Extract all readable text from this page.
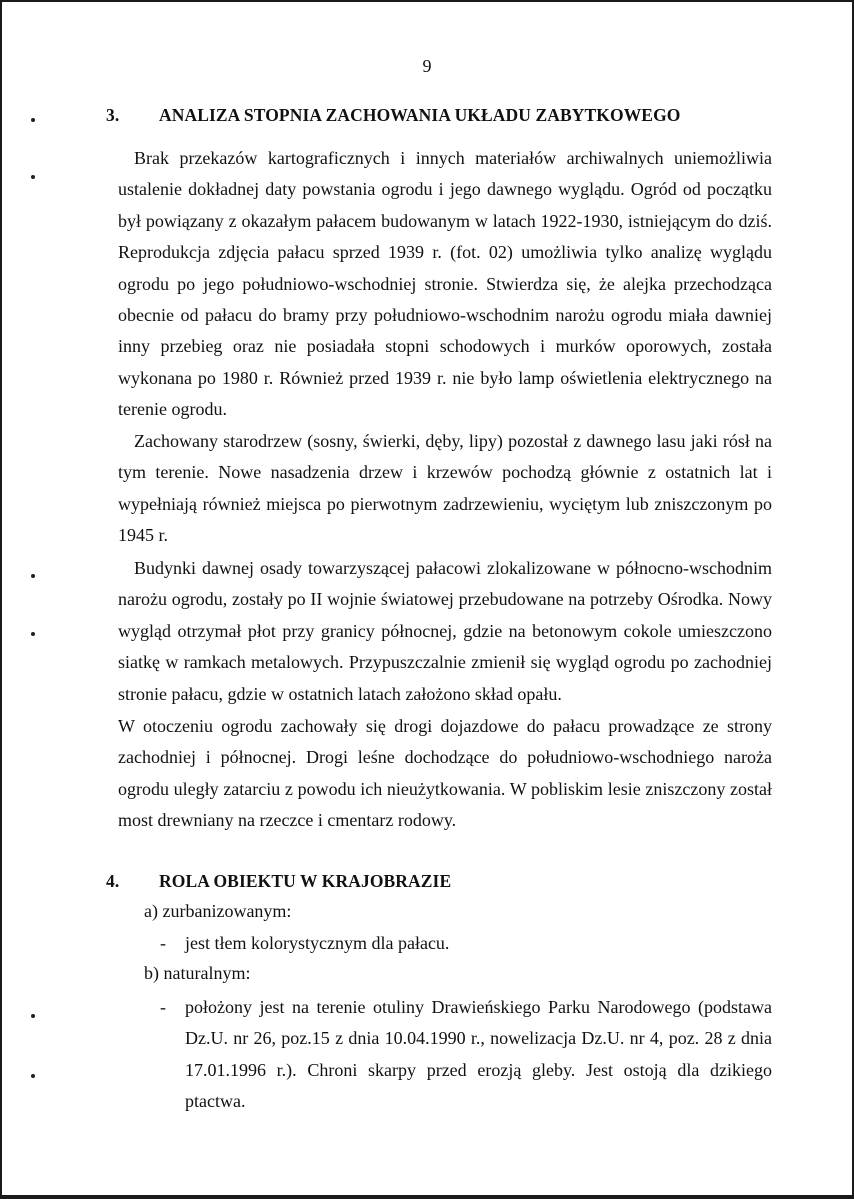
9
3. ANALIZA STOPNIA ZACHOWANIA UKŁADU ZABYTKOWEGO

Brak przekazów kartograficznych i innych materiałów archiwalnych uniemożliwia ustalenie dokładnej daty powstania ogrodu i jego dawnego wyglądu. Ogród od początku był powiązany z okazałym pałacem budowanym w latach 1922-1930, istniejącym do dziś. Reprodukcja zdjęcia pałacu sprzed 1939 r. (fot. 02) umożliwia tylko analizę wyglądu ogrodu po jego południowo-wschodniej stronie. Stwierdza się, że alejka przechodząca obecnie od pałacu do bramy przy południowo-wschodnim narożu ogrodu miała dawniej inny przebieg oraz nie posiadała stopni schodowych i murków oporowych, została wykonana po 1980 r. Również przed 1939 r. nie było lamp oświetlenia elektrycznego na terenie ogrodu.

Zachowany starodrzew (sosny, świerki, dęby, lipy) pozostał z dawnego lasu jaki rósł na tym terenie. Nowe nasadzenia drzew i krzewów pochodzą głównie z ostatnich lat i wypełniają również miejsca po pierwotnym zadrzewieniu, wyciętym lub zniszczonym po 1945 r.

Budynki dawnej osady towarzyszącej pałacowi zlokalizowane w północno-wschodnim narożu ogrodu, zostały po II wojnie światowej przebudowane na potrzeby Ośrodka. Nowy wygląd otrzymał płot przy granicy północnej, gdzie na betonowym cokole umieszczono siatkę w ramkach metalowych. Przypuszczalnie zmienił się wygląd ogrodu po zachodniej stronie pałacu, gdzie w ostatnich latach założono skład opału.

W otoczeniu ogrodu zachowały się drogi dojazdowe do pałacu prowadzące ze strony zachodniej i północnej. Drogi leśne dochodzące do południowo-wschodniego naroża ogrodu uległy zatarciu z powodu ich nieużytkowania. W pobliskim lesie zniszczony został most drewniany na rzeczce i cmentarz rodowy.

4. ROLA OBIEKTU W KRAJOBRAZIE
a) zurbanizowanym:
- jest tłem kolorystycznym dla pałacu.
b) naturalnym:
- położony jest na terenie otuliny Drawieńskiego Parku Narodowego (podstawa Dz.U. nr 26, poz.15 z dnia 10.04.1990 r., nowelizacja Dz.U. nr 4, poz. 28 z dnia 17.01.1996 r.). Chroni skarpy przed erozją gleby. Jest ostoją dla dzikiego ptactwa.
